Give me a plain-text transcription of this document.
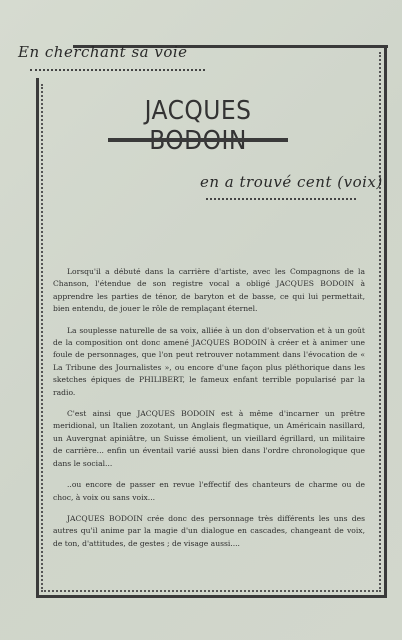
En cherchant sa voie
JACQUES
en a trouvé cent (voix)

Lorsqu'il a débuté dans la carrière d'artiste, avec les Compagnons de la Chanson, l'étendue de son registre vocal a obligé JACQUES BODOIN à apprendre les parties de ténor, de baryton et de basse, ce qui lui permettait, bien entendu, de jouer le rôle de remplaçant éternel.

La souplesse naturelle de sa voix, alliée à un don d'observation et à un goût de la composition ont donc amené JACQUES BODOIN à créer et à animer une foule de personnages, que l'on peut retrouver notamment dans l'évocation de « La Tribune des Journalistes », ou encore d'une façon plus pléthorique dans les sketches épiques de PHILIBERT, le fameux enfant terrible popularisé par la radio.

C'est ainsi que JACQUES BODOIN est à même d'incarner un prêtre meridional, un Italien zozotant, un Anglais flegmatique, un Américain nasillard, un Auvergnat apiniâtre, un Suisse émolient, un vieillard égrillard, un militaire de carrière... enfin un éventail varié aussi bien dans l'ordre chronologique que dans le social...

..ou encore de passer en revue l'effectif des chanteurs de charme ou de choc, à voix ou sans voix...

JACQUES BODOIN crée donc des personnage très différents les uns des autres qu'il anime par la magie d'un dialogue en cascades, changeant de voix, de ton, d'attitudes, de gestes ; de visage aussi....
